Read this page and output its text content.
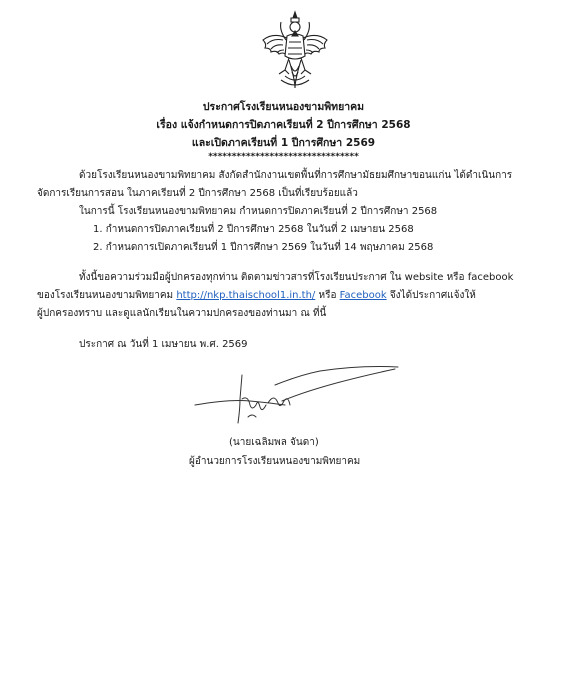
ประกาศโรงเรียนหนองขามพิทยาคม
เรื่อง แจ้งกำหนดการปิดภาคเรียนที่ 2 ปีการศึกษา 2568
และเปิดภาคเรียนที่ 1 ปีการศึกษา 2569
********************************
ด้วยโรงเรียนหนองขามพิทยาคม สังกัดสำนักงานเขตพื้นที่การศึกษามัธยมศึกษาขอนแก่น ได้ดำเนินการ
จัดการเรียนการสอน ในภาคเรียนที่ 2 ปีการศึกษา 2568 เป็นที่เรียบร้อยแล้ว
ในการนี้ โรงเรียนหนองขามพิทยาคม กำหนดการปิดภาคเรียนที่ 2 ปีการศึกษา 2568
1. กำหนดการปิดภาคเรียนที่ 2 ปีการศึกษา 2568 ในวันที่ 2 เมษายน 2568
2. กำหนดการเปิดภาคเรียนที่ 1 ปีการศึกษา 2569 ในวันที่ 14 พฤษภาคม 2568
ทั้งนี้ขอความร่วมมือผู้ปกครองทุกท่าน ติดตามข่าวสารที่โรงเรียนประกาศ ใน website หรือ facebook
ของโรงเรียนหนองขามพิทยาคม http://nkp.thaischool1.in.th/ หรือ Facebook จึงได้ประกาศแจ้งให้
ผู้ปกครองทราบ และดูแลนักเรียนในความปกครองของท่านมา ณ ที่นี้
ประกาศ ณ วันที่ 1 เมษายน พ.ศ. 2569
(นายเฉลิมพล จันดา)
ผู้อำนวยการโรงเรียนหนองขามพิทยาคม
